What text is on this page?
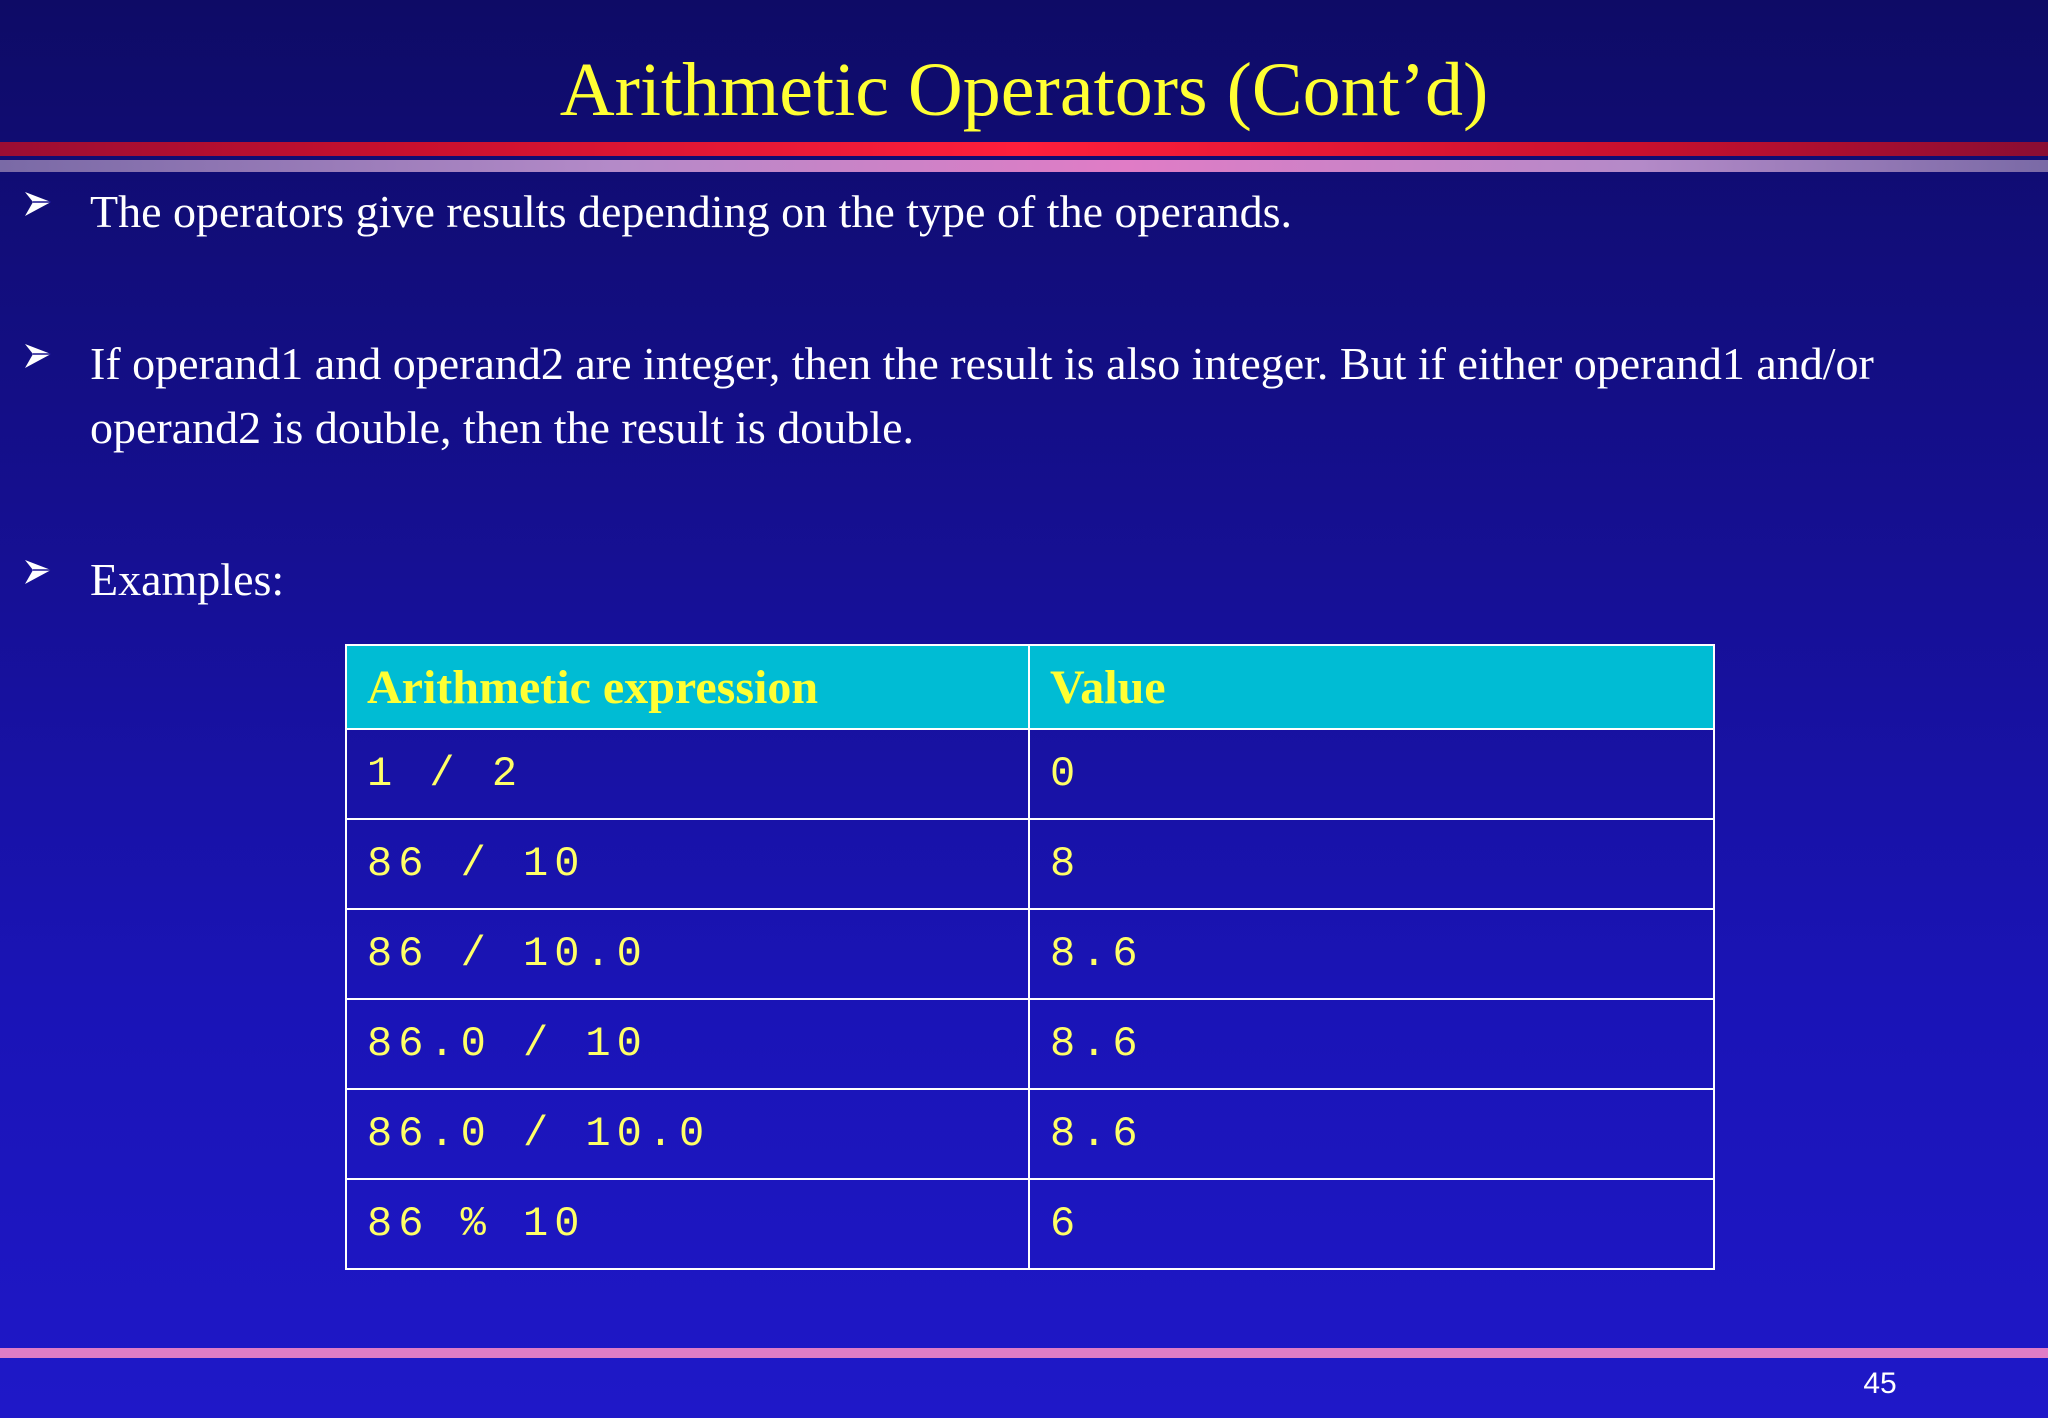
Arithmetic Operators (Cont’d)

The operators give results depending on the type of the operands.

If operand1 and operand2 are integer, then the result is also integer. But if either operand1 and/or operand2 is double, then the result is double.

Examples:

Arithmetic expression	Value
1 / 2	0
86 / 10	8
86 / 10.0	8.6
86.0 / 10	8.6
86.0 / 10.0	8.6
86 % 10	6
45
